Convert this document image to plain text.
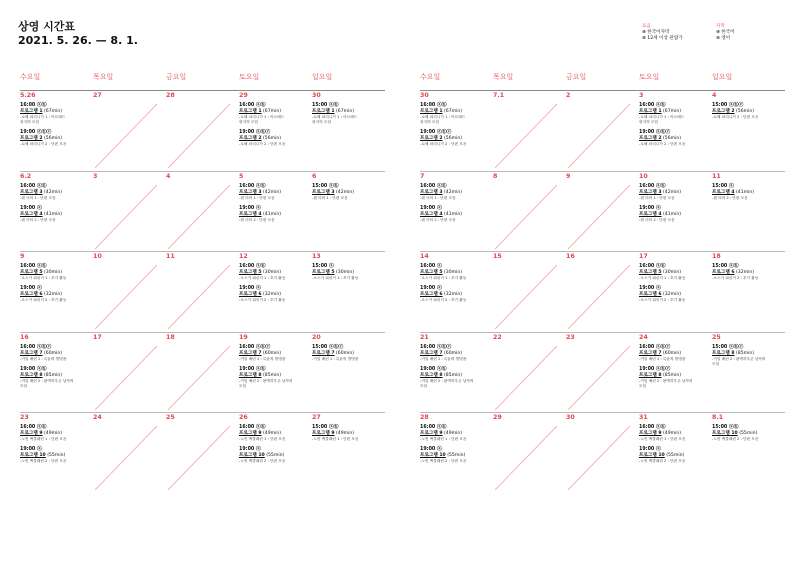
상영 시간표
2021. 5. 26. — 8. 1.
표음
⊕ 한국어자막
⊕ 12세 이상 관람가
자막
⊕ 한국어
⊕ 영어
수요일	목요일	금요일	토요일	일요일
5.26
16:00 ⓐⓑ
프로그램 1 (67min)
-로베 파리니가 1 : 아르헤드
평지의 모험
19:00 ⓐⓑⓒ
프로그램 2 (56min)
-로베 파리니가 2 : 단편 모음
27	28	29
16:00 ⓐⓑ
프로그램 1 (67min)
-로베 파리니가 1 : 아르헤드
평지의 모험
19:00 ⓐⓑⓒ
프로그램 2 (56min)
-로베 파리니가 2 : 단편 모음
30
15:00 ⓐⓑ
프로그램 1 (67min)
-로베 파리니가 1 : 아르헤드
평지의 모험
6.2
16:00 ⓐⓑ
프로그램 3 (42min)
-랜 리어 1 : 단편 모음
19:00 ⓐ
프로그램 4 (41min)
-랜 리어 2 : 단편 모음
3	4	5
16:00 ⓐⓑ
프로그램 3 (42min)
-랜 리어 1 : 단편 모음
19:00 ⓐ
프로그램 4 (41min)
-랜 리어 2 : 단편 모음
6
15:00 ⓐⓑ
프로그램 3 (42min)
-랜 리어 1 : 단편 모음
9
16:00 ⓐⓑ
프로그램 5 (30min)
-오스카 피싱거 1 : 초기 활동
19:00 ⓐ
프로그램 6 (32min)
-오스카 피싱거 2 : 후기 활동
10	11	12
16:00 ⓐⓑ
프로그램 5 (30min)
-오스카 피싱거 1 : 초기 활동
19:00 ⓐ
프로그램 6 (32min)
-오스카 피싱거 2 : 후기 활동
13
15:00 ⓐ
프로그램 5 (30min)
-오스카 피싱거 1 : 초기 활동
16
16:00 ⓐⓑⓒ
프로그램 7 (60min)
-커밀 배런 1 : 특윤의 발명품
19:00 ⓐⓑ
프로그램 8 (85min)
-커밀 배런 2 : 완벽하우존 남작의
모험
17	18	19
16:00 ⓐⓑⓒ
프로그램 7 (60min)
-커밀 배런 1 : 특윤의 발명품
19:00 ⓐⓑ
프로그램 8 (85min)
-커밀 배런 2 : 완벽하우존 남작의
모험
20
15:00 ⓐⓑⓒ
프로그램 7 (60min)
-커밀 배런 1 : 특윤의 발명품
23
16:00 ⓐⓑ
프로그램 9 (49min)
-노먼 맥클래런 1 : 단편 모음
19:00 ⓐ
프로그램 10 (55min)
-노먼 맥클래런 2 : 단편 모음
24	25	26
16:00 ⓐⓑ
프로그램 9 (49min)
-노먼 맥클래런 1 : 단편 모음
19:00 ⓐ
프로그램 10 (55min)
-노먼 맥클래런 2 : 단편 모음
27
15:00 ⓐⓑ
프로그램 9 (49min)
-노먼 맥클래런 1 : 단편 모음
수요일	목요일	금요일	토요일	일요일
30
16:00 ⓐⓑ
프로그램 1 (67min)
-로베 파리니가 1 : 아르헤드
평지의 모험
19:00 ⓐⓑⓒ
프로그램 2 (56min)
-로베 파리니가 2 : 단편 모음
7.1	2	3
16:00 ⓐⓑ
프로그램 1 (67min)
-로베 파리니가 1 : 아르헤드
평지의 모험
19:00 ⓐⓑⓒ
프로그램 2 (56min)
-로베 파리니가 2 : 단편 모음
4
15:00 ⓐⓑⓒ
프로그램 2 (56min)
-로베 파리니가 2 : 단편 모음
7
16:00 ⓐⓑ
프로그램 3 (42min)
-랜 리어 1 : 단편 모음
19:00 ⓐ
프로그램 4 (41min)
-랜 리어 2 : 단편 모음
8	9	10
16:00 ⓐⓑ
프로그램 3 (42min)
-랜 리어 1 : 단편 모음
19:00 ⓐ
프로그램 4 (41min)
-랜 리어 2 : 단편 모음
11
15:00 ⓐ
프로그램 4 (41min)
-랜 리어 2 : 단편 모음
14
16:00 ⓐ
프로그램 5 (30min)
-오스카 피싱거 1 : 초기 활동
19:00 ⓐ
프로그램 6 (32min)
-오스카 피싱거 2 : 후기 활동
15	16	17
16:00 ⓐⓑ
프로그램 5 (30min)
-오스카 피싱거 1 : 초기 활동
19:00 ⓐ
프로그램 6 (32min)
-오스카 피싱거 2 : 후기 활동
18
15:00 ⓐⓑ
프로그램 6 (32min)
-오스카 피싱거 2 : 후기 활동
21
16:00 ⓐⓑⓒ
프로그램 7 (60min)
-커밀 배런 1 : 특윤의 발명품
19:00 ⓐⓑ
프로그램 8 (85min)
-커밀 배런 2 : 완벽하우존 남작의
모험
22	23	24
16:00 ⓐⓑⓒ
프로그램 7 (60min)
-커밀 배런 1 : 특윤의 발명품
19:00 ⓐⓑⓒ
프로그램 8 (85min)
-커밀 배런 2 : 완벽하우존 남작의
모험
25
15:00 ⓐⓑⓒ
프로그램 8 (85min)
-커밀 배런 2 : 완벽하우존 남작의
모험
28
16:00 ⓐⓑ
프로그램 9 (49min)
-노먼 맥클래런 1 : 단편 모음
19:00 ⓐ
프로그램 10 (55min)
-노먼 맥클래런 2 : 단편 모음
29	30	31
16:00 ⓐⓑ
프로그램 9 (49min)
-노먼 맥클래런 1 : 단편 모음
19:00 ⓐ
프로그램 10 (55min)
-노먼 맥클래런 2 : 단편 모음
8.1
15:00 ⓐⓑ
프로그램 10 (55min)
-노먼 맥클래런 2 : 단편 모음
